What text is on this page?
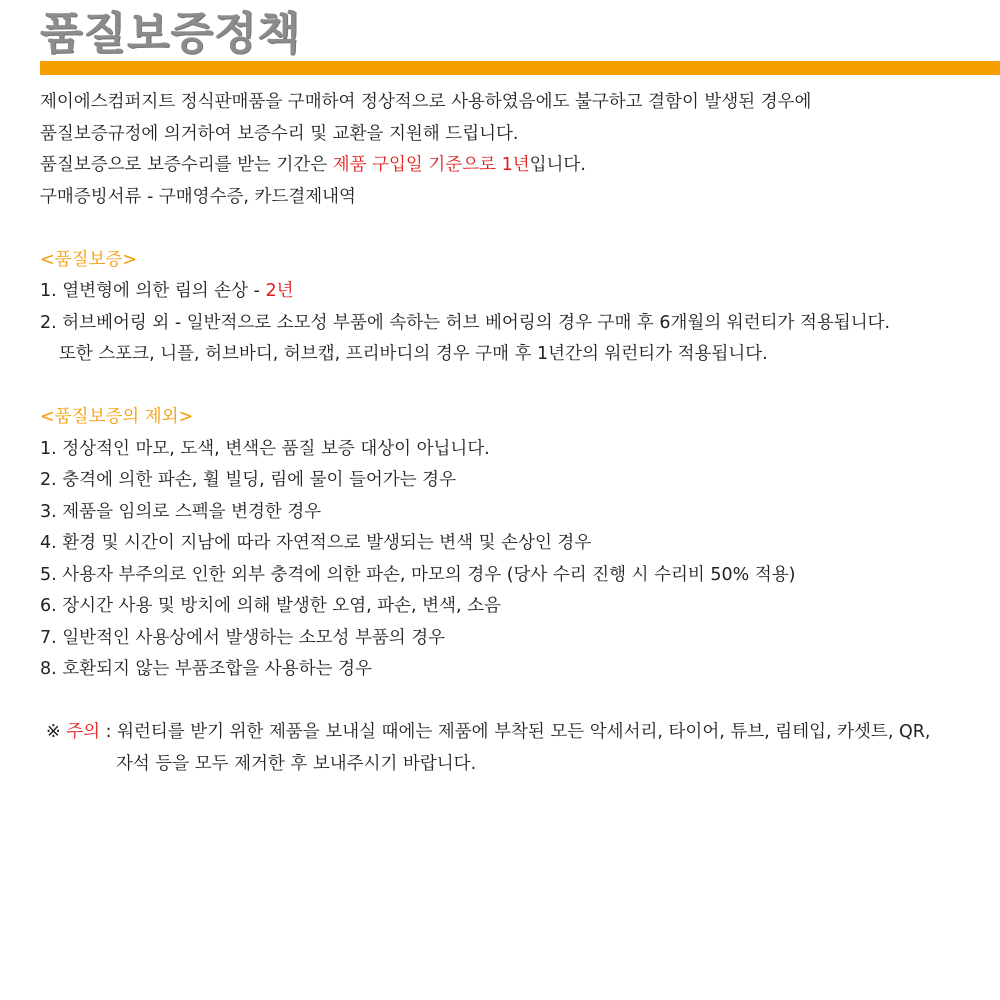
품질보증정책
제이에스컴퍼지트 정식판매품을 구매하여 정상적으로 사용하였음에도 불구하고 결함이 발생된 경우에
품질보증규정에 의거하여 보증수리 및 교환을 지원해 드립니다.
품질보증으로 보증수리를 받는 기간은 제품 구입일 기준으로 1년입니다.
구매증빙서류 - 구매영수증, 카드결제내역
<품질보증>
1. 열변형에 의한 림의 손상 - 2년
2. 허브베어링 외 - 일반적으로 소모성 부품에 속하는 허브 베어링의 경우 구매 후 6개월의 워런티가 적용됩니다.
또한 스포크, 니플, 허브바디, 허브캡, 프리바디의 경우 구매 후 1년간의 워런티가 적용됩니다.
<품질보증의 제외>
1. 정상적인 마모, 도색, 변색은 품질 보증 대상이 아닙니다.
2. 충격에 의한 파손, 휠 빌딩, 림에 물이 들어가는 경우
3. 제품을 임의로 스펙을 변경한 경우
4. 환경 및 시간이 지남에 따라 자연적으로 발생되는 변색 및 손상인 경우
5. 사용자 부주의로 인한 외부 충격에 의한 파손, 마모의 경우 (당사 수리 진행 시 수리비 50% 적용)
6. 장시간 사용 및 방치에 의해 발생한 오염, 파손, 변색, 소음
7. 일반적인 사용상에서 발생하는 소모성 부품의 경우
8. 호환되지 않는 부품조합을 사용하는 경우
※ 주의 : 워런티를 받기 위한 제품을 보내실 때에는 제품에 부착된 모든 악세서리, 타이어, 튜브, 림테입, 카셋트, QR,
자석 등을 모두 제거한 후 보내주시기 바랍니다.
